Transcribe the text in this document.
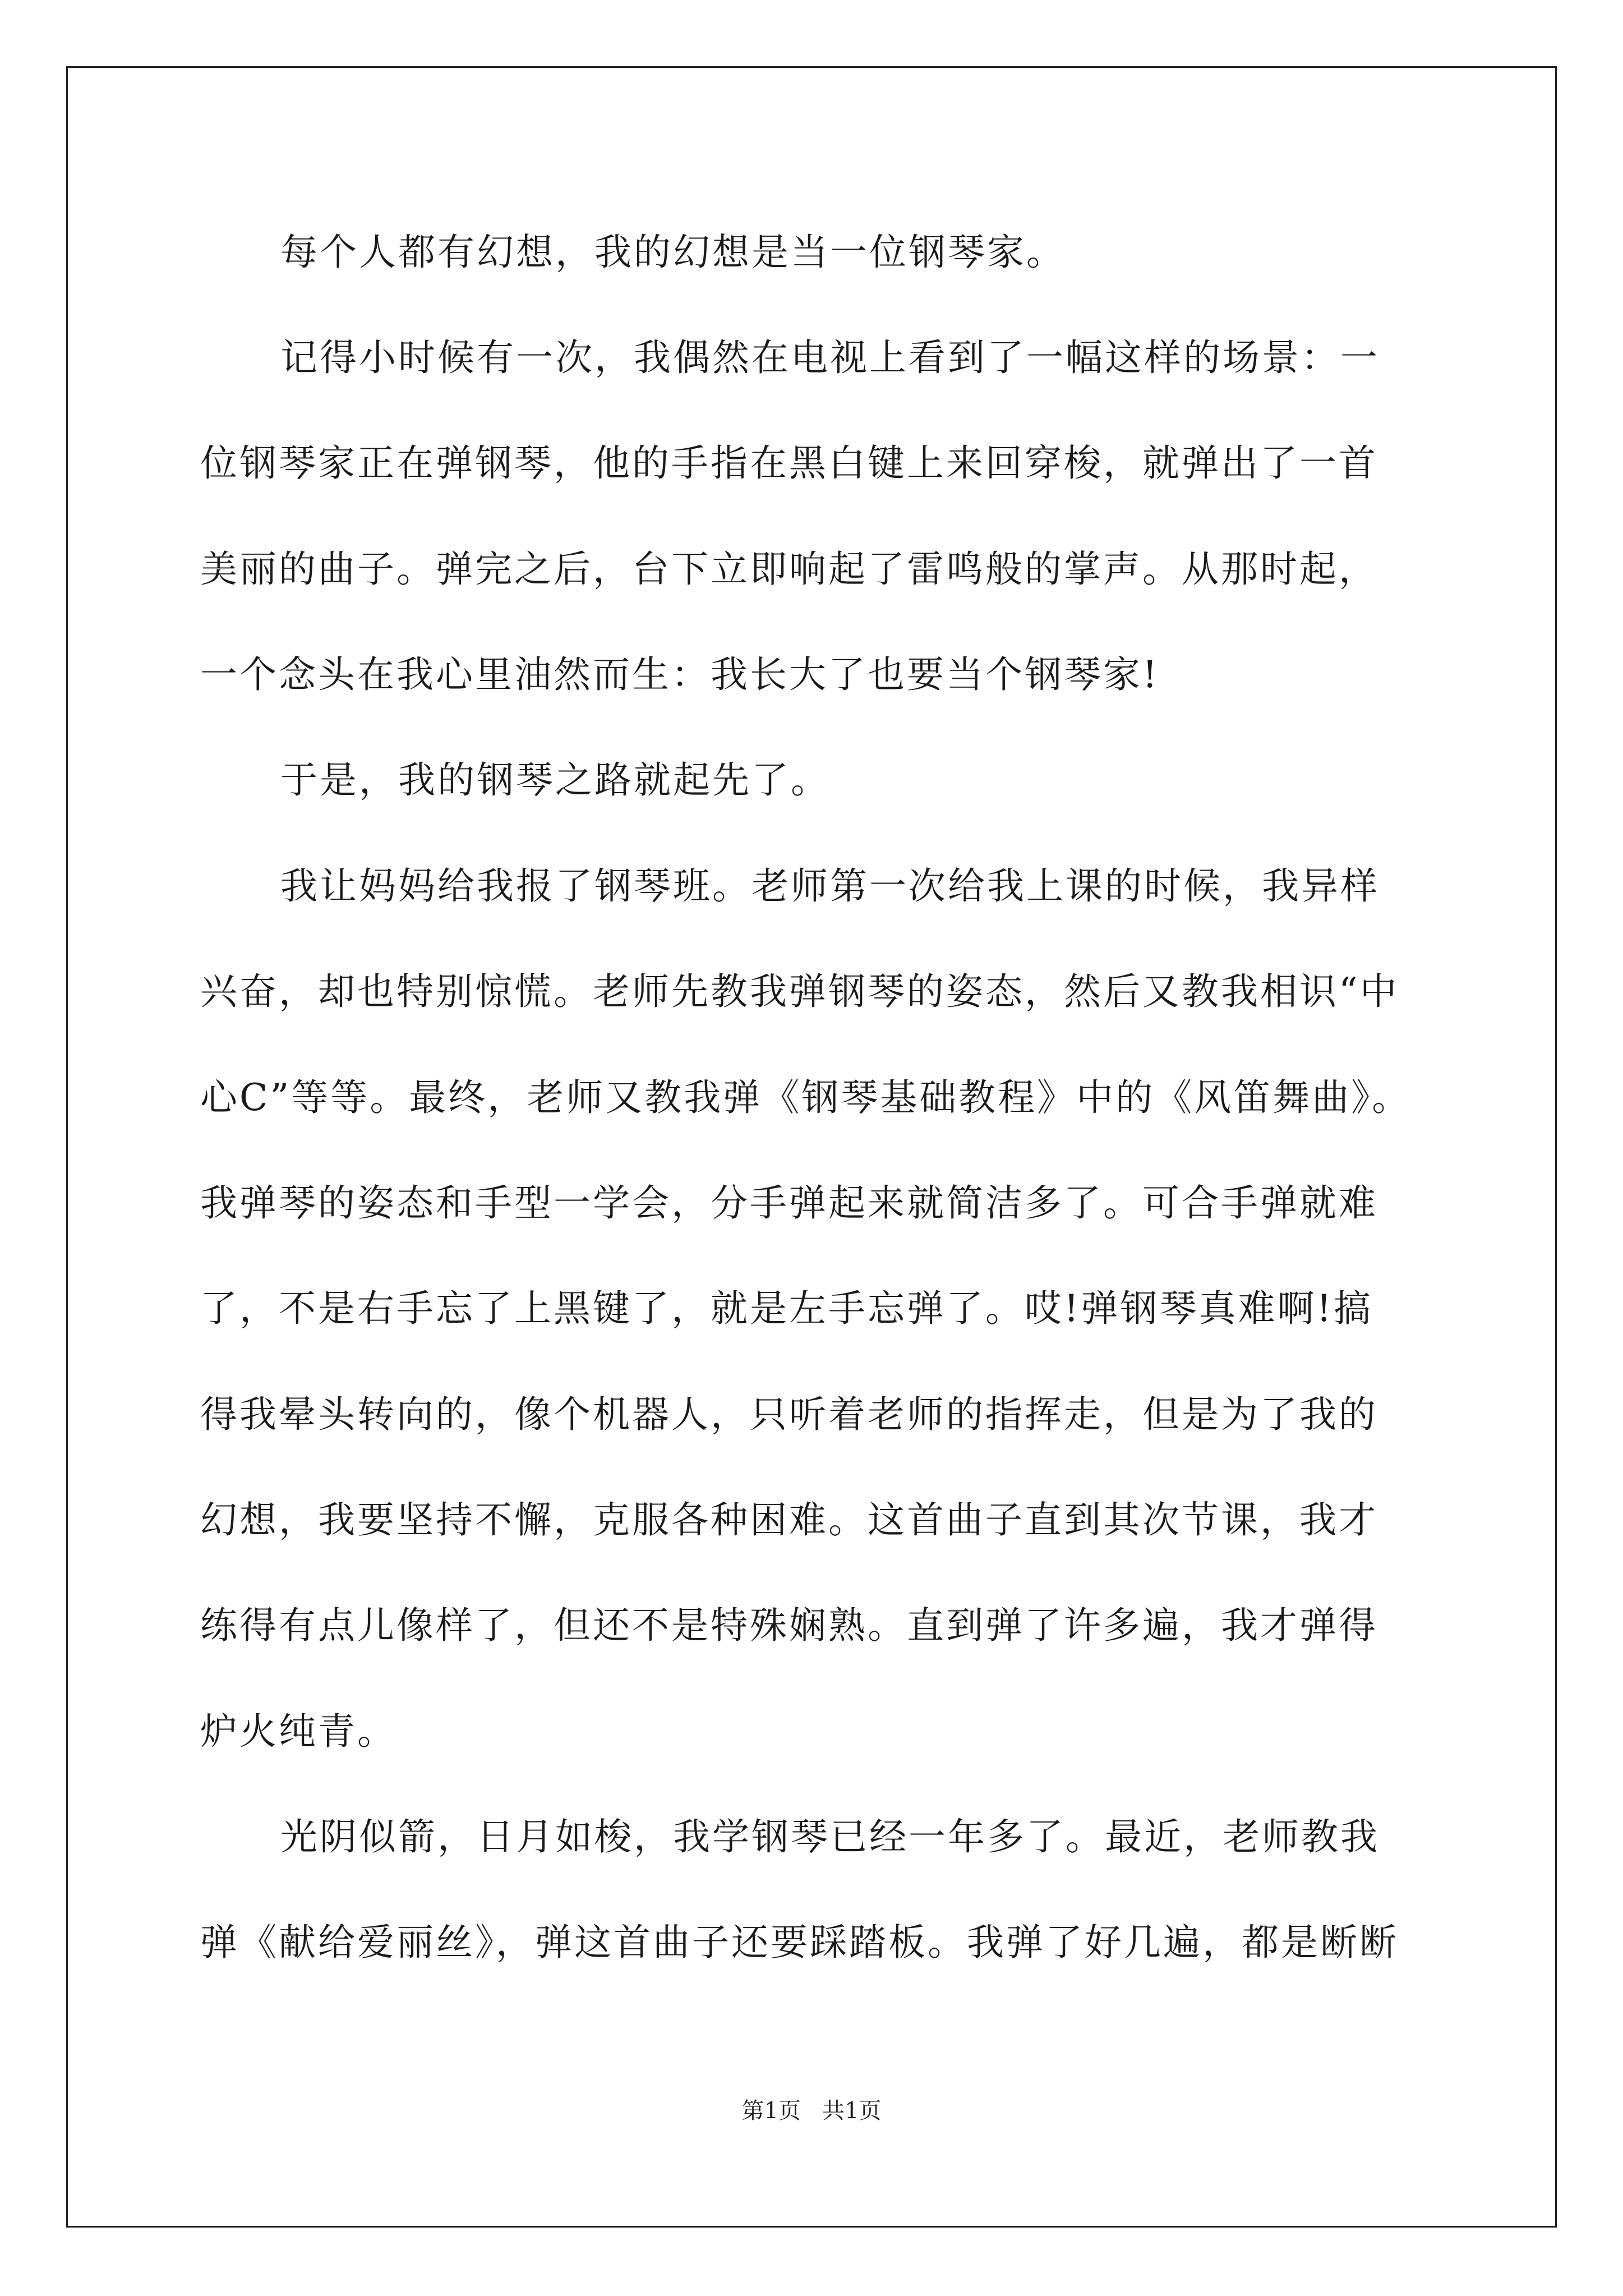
每个人都有幻想，我的幻想是当一位钢琴家。
记得小时候有一次，我偶然在电视上看到了一幅这样的场景：一
位钢琴家正在弹钢琴，他的手指在黑白键上来回穿梭，就弹出了一首
美丽的曲子。弹完之后，台下立即响起了雷鸣般的掌声。从那时起，
一个念头在我心里油然而生：我长大了也要当个钢琴家!
于是，我的钢琴之路就起先了。
我让妈妈给我报了钢琴班。老师第一次给我上课的时候，我异样
兴奋，却也特别惊慌。老师先教我弹钢琴的姿态，然后又教我相识“中
心C”等等。最终，老师又教我弹《钢琴基础教程》中的《风笛舞曲》。
我弹琴的姿态和手型一学会，分手弹起来就简洁多了。可合手弹就难
了，不是右手忘了上黑键了，就是左手忘弹了。哎!弹钢琴真难啊!搞
得我晕头转向的，像个机器人，只听着老师的指挥走，但是为了我的
幻想，我要坚持不懈，克服各种困难。这首曲子直到其次节课，我才
练得有点儿像样了，但还不是特殊娴熟。直到弹了许多遍，我才弹得
炉火纯青。
光阴似箭，日月如梭，我学钢琴已经一年多了。最近，老师教我
弹《献给爱丽丝》，弹这首曲子还要踩踏板。我弹了好几遍，都是断断
第1页   共1页
